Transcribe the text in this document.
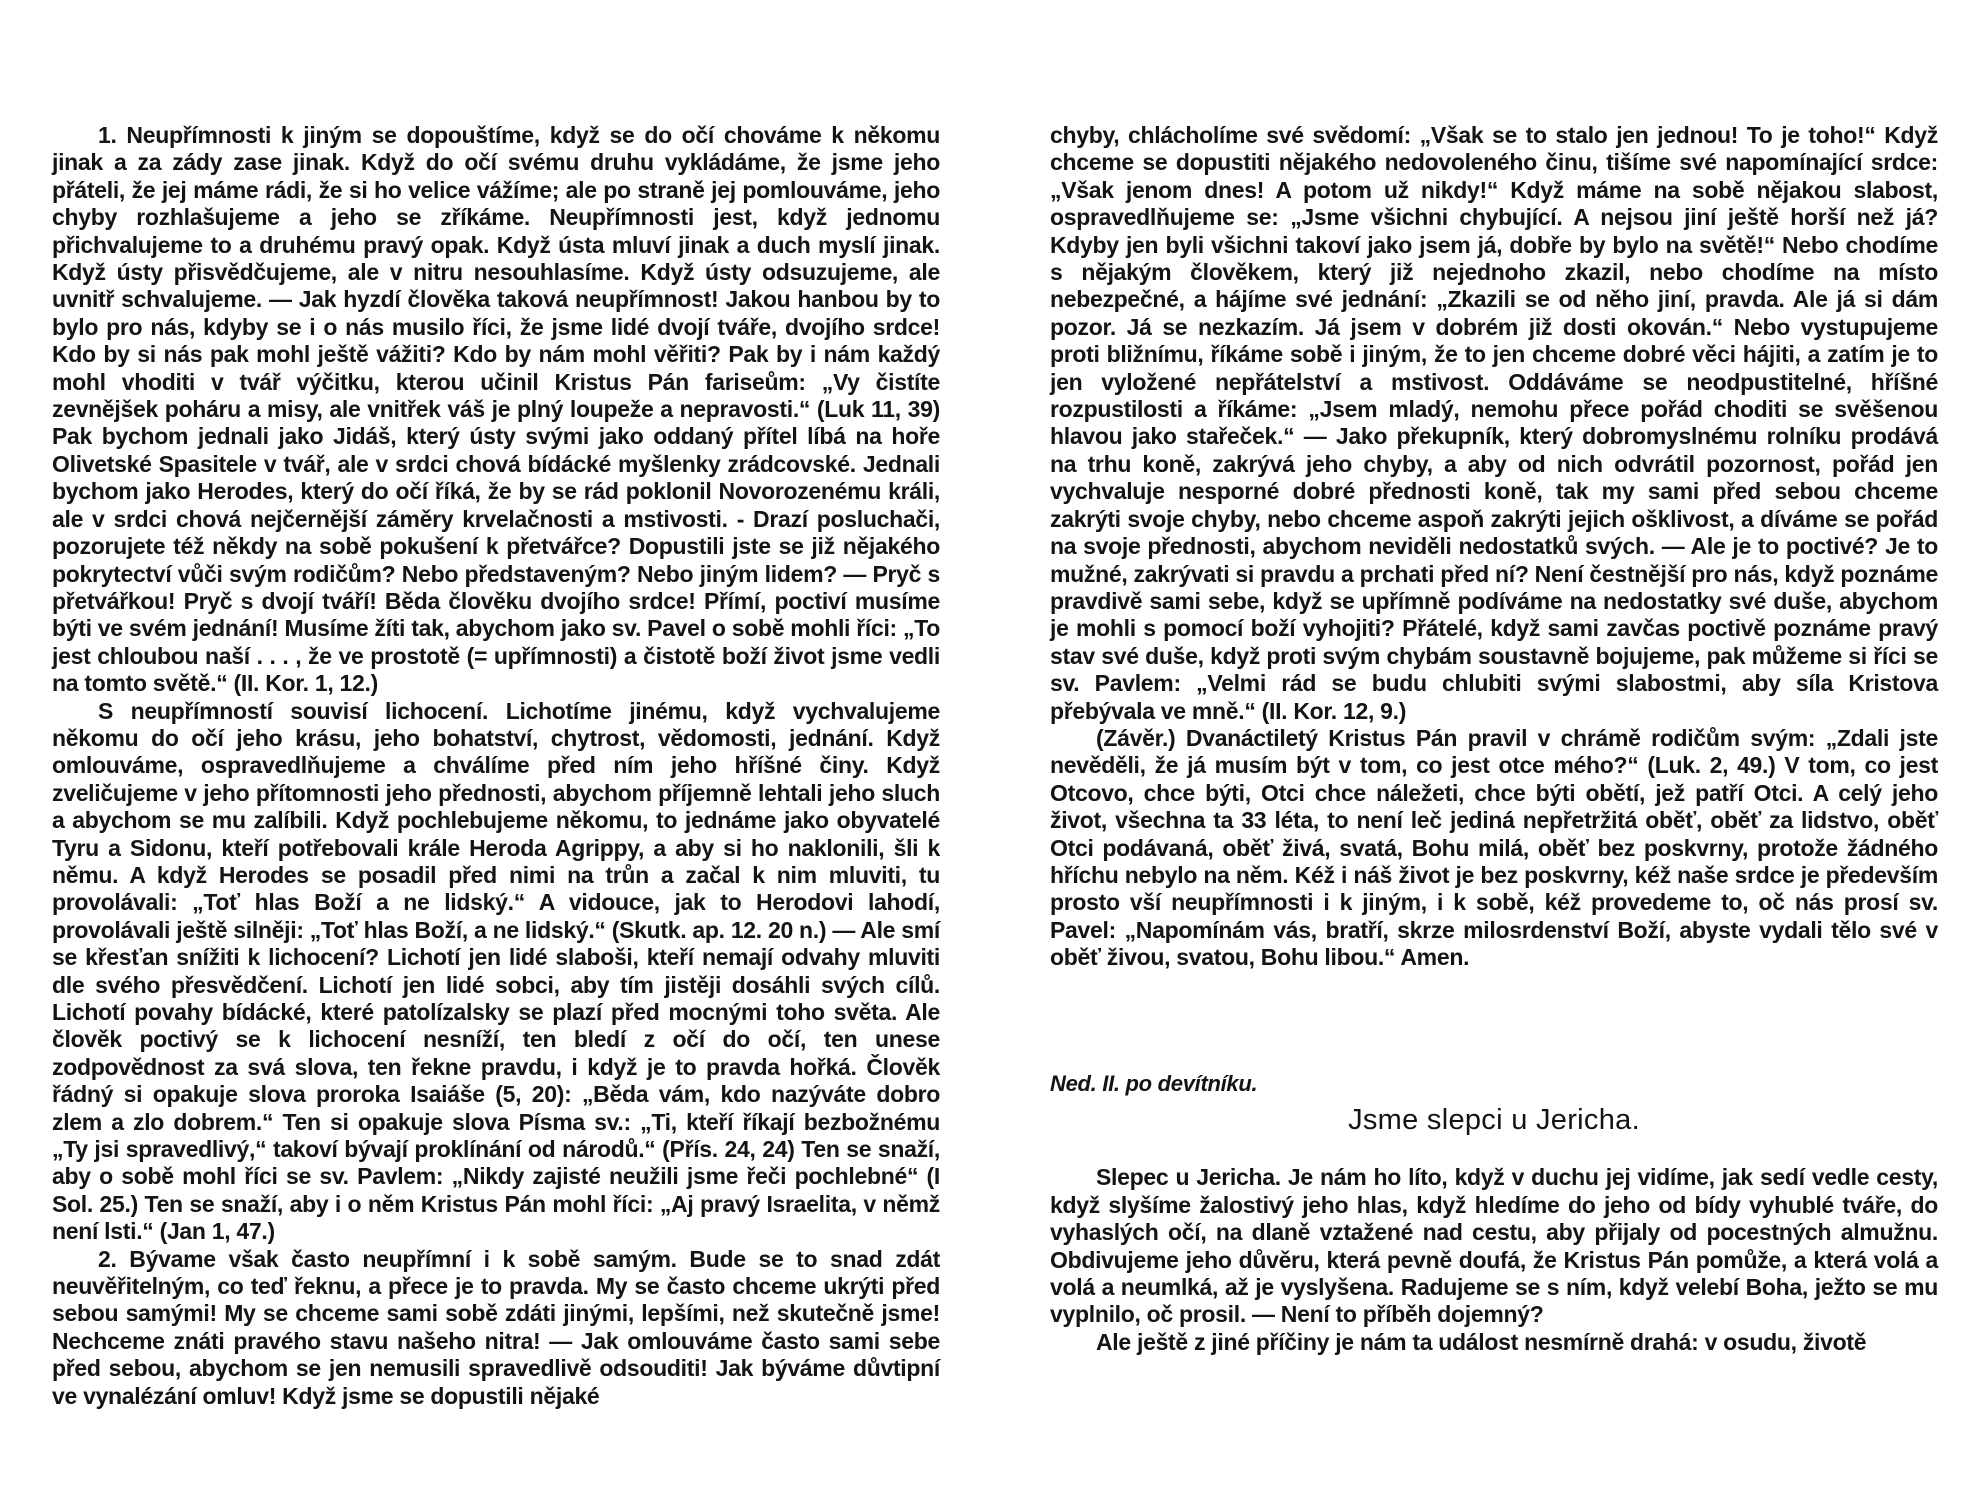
1. Neupřímnosti k jiným se dopouštíme, když se do očí chováme k někomu jinak a za zády zase jinak. Když do očí svému druhu vykládáme, že jsme jeho přáteli, že jej máme rádi, že si ho velice vážíme; ale po straně jej pomlouváme, jeho chyby rozhlašujeme a jeho se zříkáme. Neupřímnosti jest, když jednomu přichvalujeme to a druhému pravý opak. Když ústa mluví jinak a duch myslí jinak. Když ústy přisvědčujeme, ale v nitru nesouhlasíme. Když ústy odsuzujeme, ale uvnitř schvalujeme. — Jak hyzdí člověka taková neupřímnost! Jakou hanbou by to bylo pro nás, kdyby se i o nás musilo říci, že jsme lidé dvojí tváře, dvojího srdce! Kdo by si nás pak mohl ještě vážiti? Kdo by nám mohl věřiti? Pak by i nám každý mohl vhoditi v tvář výčitku, kterou učinil Kristus Pán fariseům: „Vy čistíte zevnějšek poháru a misy, ale vnitřek váš je plný loupeže a nepravosti.“ (Luk 11, 39) Pak bychom jednali jako Jidáš, který ústy svými jako oddaný přítel líbá na hoře Olivetské Spasitele v tvář, ale v srdci chová bídácké myšlenky zrádcovské. Jednali bychom jako Herodes, který do očí říká, že by se rád poklonil Novorozenému králi, ale v srdci chová nejčernější záměry krvelačnosti a mstivosti. - Drazí posluchači, pozorujete též někdy na sobě pokušení k přetvářce? Dopustili jste se již nějakého pokrytectví vůči svým rodičům? Nebo představeným? Nebo jiným lidem? — Pryč s přetvářkou! Pryč s dvojí tváří! Běda člověku dvojího srdce! Přímí, poctiví musíme býti ve svém jednání! Musíme žíti tak, abychom jako sv. Pavel o sobě mohli říci: „To jest chloubou naší . . . , že ve prostotě (= upřímnosti) a čistotě boží život jsme vedli na tomto světě.“ (II. Kor. 1, 12.)

S neupřímností souvisí lichocení. Lichotíme jinému, když vychvalujeme někomu do očí jeho krásu, jeho bohatství, chytrost, vědomosti, jednání. Když omlouváme, ospravedlňujeme a chválíme před ním jeho hříšné činy. Když zveličujeme v jeho přítomnosti jeho přednosti, abychom příjemně lehtali jeho sluch a abychom se mu zalíbili. Když pochlebujeme někomu, to jednáme jako obyvatelé Tyru a Sidonu, kteří potřebovali krále Heroda Agrippy, a aby si ho naklonili, šli k němu. A když Herodes se posadil před nimi na trůn a začal k nim mluviti, tu provolávali: „Toť hlas Boží a ne lidský.“ A vidouce, jak to Herodovi lahodí, provolávali ještě silněji: „Toť hlas Boží, a ne lidský.“ (Skutk. ap. 12. 20 n.) — Ale smí se křesťan snížiti k lichocení? Lichotí jen lidé slaboši, kteří nemají odvahy mluviti dle svého přesvědčení. Lichotí jen lidé sobci, aby tím jistěji dosáhli svých cílů. Lichotí povahy bídácké, které patolízalsky se plazí před mocnými toho světa. Ale člověk poctivý se k lichocení nesníží, ten bledí z očí do očí, ten unese zodpovědnost za svá slova, ten řekne pravdu, i když je to pravda hořká. Člověk řádný si opakuje slova proroka Isaiáše (5, 20): „Běda vám, kdo nazýváte dobro zlem a zlo dobrem.“ Ten si opakuje slova Písma sv.: „Ti, kteří říkají bezbožnému „Ty jsi spravedlivý,“ takoví bývají proklínání od národů.“ (Přís. 24, 24) Ten se snaží, aby o sobě mohl říci se sv. Pavlem: „Nikdy zajisté neužili jsme řeči pochlebné“ (I Sol. 25.) Ten se snaží, aby i o něm Kristus Pán mohl říci: „Aj pravý Israelita, v němž není lsti.“ (Jan 1, 47.)

2. Bývame však často neupřímní i k sobě samým. Bude se to snad zdát neuvěřitelným, co teď řeknu, a přece je to pravda. My se často chceme ukrýti před sebou samými! My se chceme sami sobě zdáti jinými, lepšími, než skutečně jsme! Nechceme znáti pravého stavu našeho nitra! — Jak omlouváme často sami sebe před sebou, abychom se jen nemusili spravedlivě odsouditi! Jak býváme důvtipní ve vynalézání omluv! Když jsme se dopustili nějaké

chyby, chlácholíme své svědomí: „Však se to stalo jen jednou! To je toho!“ Když chceme se dopustiti nějakého nedovoleného činu, tišíme své napomínající srdce: „Však jenom dnes! A potom už nikdy!“ Když máme na sobě nějakou slabost, ospravedlňujeme se: „Jsme všichni chybující. A nejsou jiní ještě horší než já? Kdyby jen byli všichni takoví jako jsem já, dobře by bylo na světě!“ Nebo chodíme s nějakým člověkem, který již nejednoho zkazil, nebo chodíme na místo nebezpečné, a hájíme své jednání: „Zkazili se od něho jiní, pravda. Ale já si dám pozor. Já se nezkazím. Já jsem v dobrém již dosti okován.“ Nebo vystupujeme proti bližnímu, říkáme sobě i jiným, že to jen chceme dobré věci hájiti, a zatím je to jen vyložené nepřátelství a mstivost. Oddáváme se neodpustitelné, hříšné rozpustilosti a říkáme: „Jsem mladý, nemohu přece pořád choditi se svěšenou hlavou jako stařeček.“ — Jako překupník, který dobromyslnému rolníku prodává na trhu koně, zakrývá jeho chyby, a aby od nich odvrátil pozornost, pořád jen vychvaluje nesporné dobré přednosti koně, tak my sami před sebou chceme zakrýti svoje chyby, nebo chceme aspoň zakrýti jejich ošklivost, a díváme se pořád na svoje přednosti, abychom neviděli nedostatků svých. — Ale je to poctivé? Je to mužné, zakrývati si pravdu a prchati před ní? Není čestnější pro nás, když poznáme pravdivě sami sebe, když se upřímně podíváme na nedostatky své duše, abychom je mohli s pomocí boží vyhojiti? Přátelé, když sami zavčas poctivě poznáme pravý stav své duše, když proti svým chybám soustavně bojujeme, pak můžeme si říci se sv. Pavlem: „Velmi rád se budu chlubiti svými slabostmi, aby síla Kristova přebývala ve mně.“ (II. Kor. 12, 9.)

(Závěr.) Dvanáctiletý Kristus Pán pravil v chrámě rodičům svým: „Zdali jste nevěděli, že já musím být v tom, co jest otce mého?“ (Luk. 2, 49.) V tom, co jest Otcovo, chce býti, Otci chce náležeti, chce býti obětí, jež patří Otci. A celý jeho život, všechna ta 33 léta, to není leč jediná nepřetržitá oběť, oběť za lidstvo, oběť Otci podávaná, oběť živá, svatá, Bohu milá, oběť bez poskvrny, protože žádného hříchu nebylo na něm. Kéž i náš život je bez poskvrny, kéž naše srdce je především prosto vší neupřímnosti i k jiným, i k sobě, kéž provedeme to, oč nás prosí sv. Pavel: „Napomínám vás, bratří, skrze milosrdenství Boží, abyste vydali tělo své v oběť živou, svatou, Bohu libou.“ Amen.

Ned. II. po devítníku.

Jsme slepci u Jericha.

Slepec u Jericha. Je nám ho líto, když v duchu jej vidíme, jak sedí vedle cesty, když slyšíme žalostivý jeho hlas, když hledíme do jeho od bídy vyhublé tváře, do vyhaslých očí, na dlaně vztažené nad cestu, aby přijaly od pocestných almužnu. Obdivujeme jeho důvěru, která pevně doufá, že Kristus Pán pomůže, a která volá a volá a neumlká, až je vyslyšena. Radujeme se s ním, když velebí Boha, ježto se mu vyplnilo, oč prosil. — Není to příběh dojemný?

Ale ještě z jiné příčiny je nám ta událost nesmírně drahá: v osudu, životě
